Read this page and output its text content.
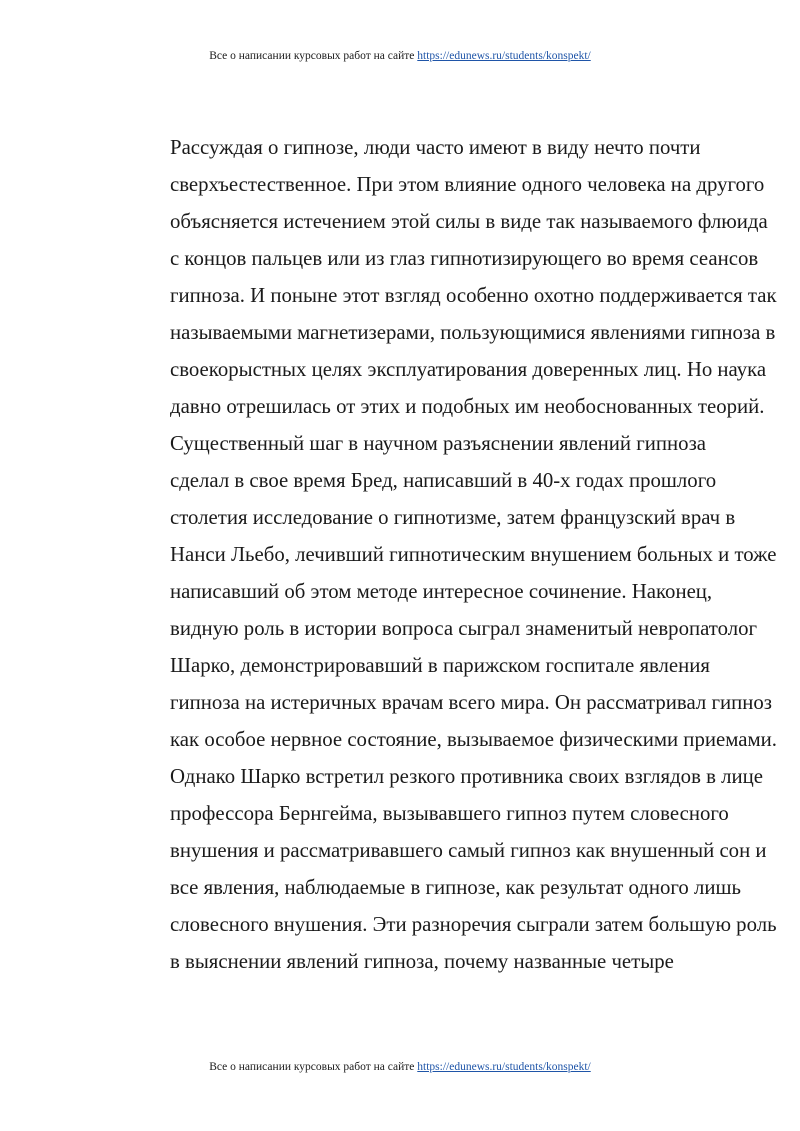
Все о написании курсовых работ на сайте https://edunews.ru/students/konspekt/

Рассуждая о гипнозе, люди часто имеют в виду нечто почти
сверхъестественное. При этом влияние одного человека на другого
объясняется истечением этой силы в виде так называемого флюида
с концов пальцев или из глаз гипнотизирующего во время сеансов
гипноза. И поныне этот взгляд особенно охотно поддерживается так
называемыми магнетизерами, пользующимися явлениями гипноза в
своекорыстных целях эксплуатирования доверенных лиц. Но наука
давно отрешилась от этих и подобных им необоснованных теорий.

Существенный шаг в научном разъяснении явлений гипноза
сделал в свое время Бред, написавший в 40-х годах прошлого
столетия исследование о гипнотизме, затем французский врач в
Нанси Льебо, лечивший гипнотическим внушением больных и тоже
написавший об этом методе интересное сочинение. Наконец,
видную роль в истории вопроса сыграл знаменитый невропатолог
Шарко, демонстрировавший в парижском госпитале явления
гипноза на истеричных врачам всего мира. Он рассматривал гипноз
как особое нервное состояние, вызываемое физическими приемами.
Однако Шарко встретил резкого противника своих взглядов в лице
профессора Бернгейма, вызывавшего гипноз путем словесного
внушения и рассматривавшего самый гипноз как внушенный сон и
все явления, наблюдаемые в гипнозе, как результат одного лишь
словесного внушения. Эти разноречия сыграли затем большую роль
в выяснении явлений гипноза, почему названные четыре

Все о написании курсовых работ на сайте https://edunews.ru/students/konspekt/
